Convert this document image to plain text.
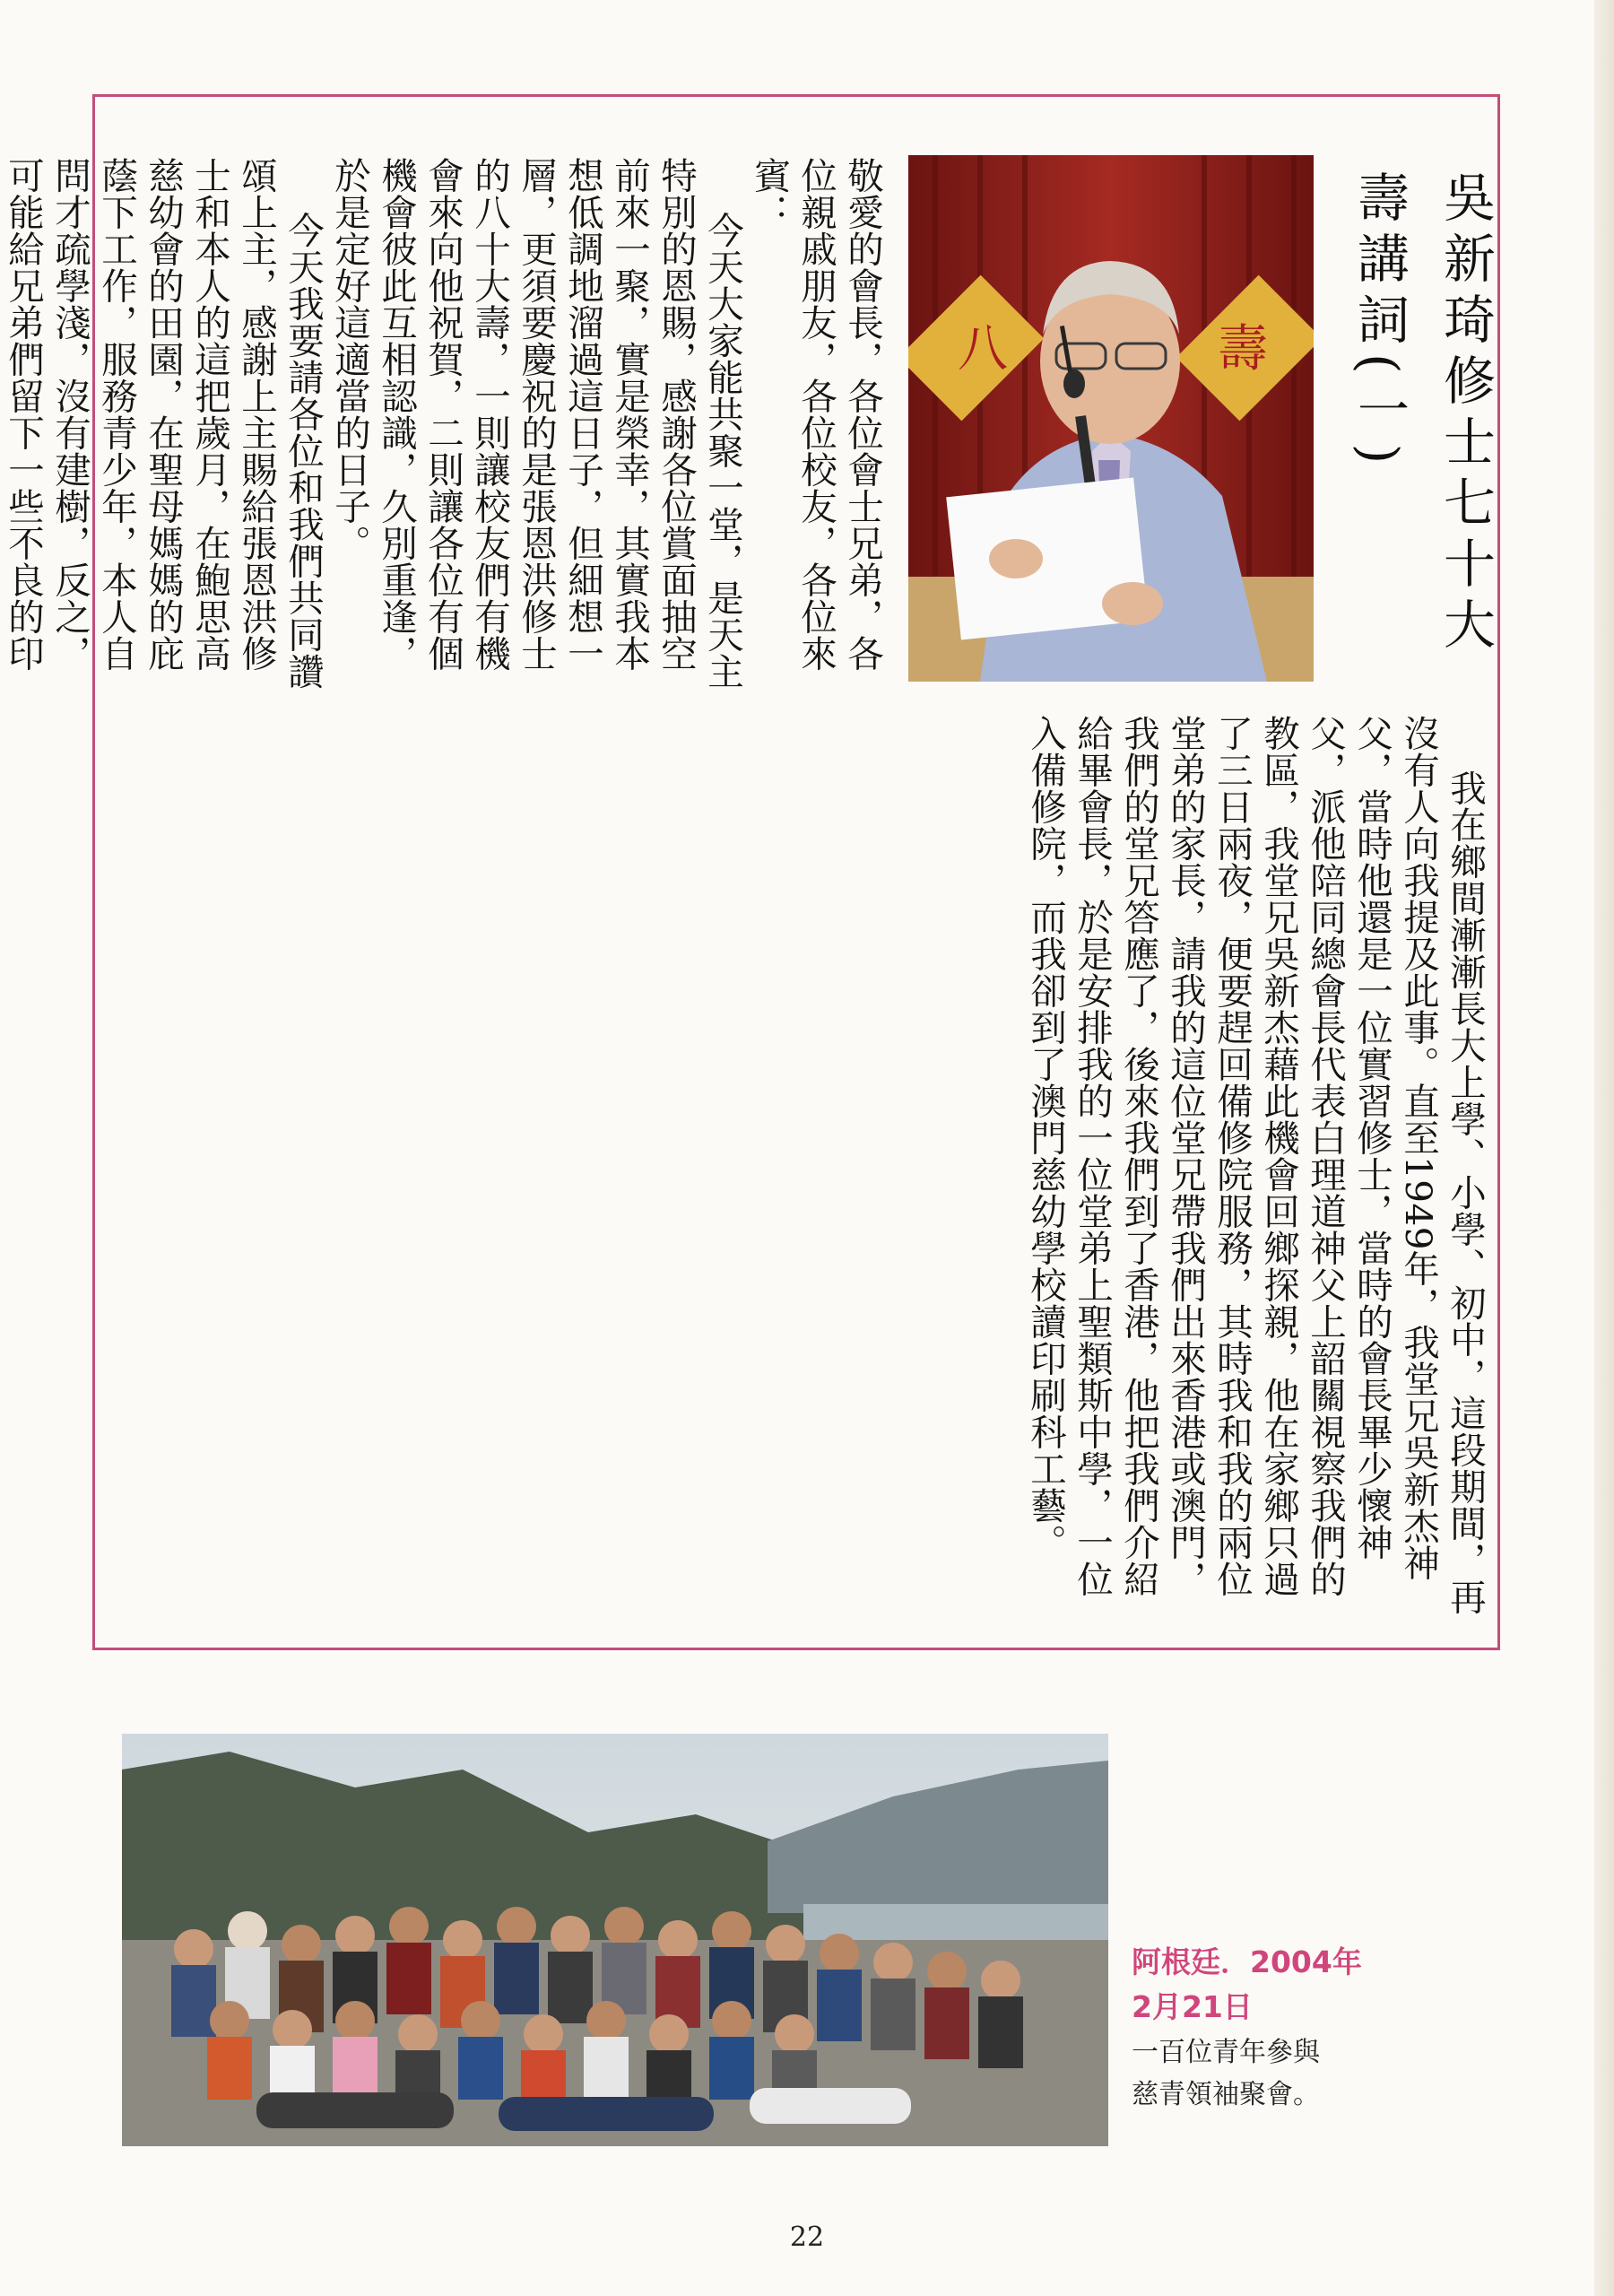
八	壽	吳新琦修士七十大壽講詞(一)

敬愛的會長，各位會士兄弟，各位親戚朋友，各位校友，各位來賓：

今天大家能共聚一堂，是天主特別的恩賜，感謝各位賞面抽空前來一聚，實是榮幸，其實我本想低調地溜過這日子，但細想一層，更須要慶祝的是張恩洪修士的八十大壽，一則讓校友們有機會來向他祝賀，二則讓各位有個機會彼此互相認識，久別重逢，於是定好這適當的日子。

今天我要請各位和我們共同讚頌上主，感謝上主賜給張恩洪修士和本人的這把歲月，在鮑思高慈幼會的田園，在聖母媽媽的庇蔭下工作，服務青少年，本人自問才疏學淺，沒有建樹，反之，可能給兄弟們留下一些不良的印

我在鄉間漸漸長大上學、小學、初中，這段期間，再沒有人向我提及此事。直至1949年，我堂兄吳新杰神父，當時他還是一位實習修士，當時的會長畢少懷神父，派他陪同總會長代表白理道神父上韶關視察我們的教區，我堂兄吳新杰藉此機會回鄉探親，他在家鄉只過了三日兩夜，便要趕回備修院服務，其時我和我的兩位堂弟的家長，請我的這位堂兄帶我們出來香港或澳門，我們的堂兄答應了，後來我們到了香港，他把我們介紹給畢會長，於是安排我的一位堂弟上聖類斯中學，一位入備修院，而我卻到了澳門慈幼學校讀印刷科工藝。

阿根廷．2004年
2月21日
一百位青年參與
慈青領袖聚會。
22
